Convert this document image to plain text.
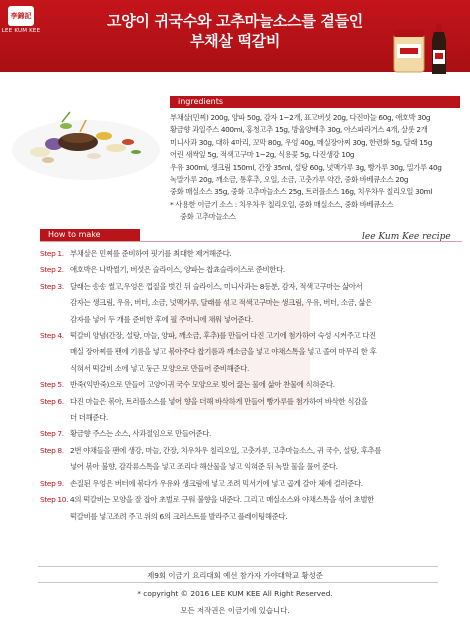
李錦記
LEE KUM KEE
고양이 귀국수와 고추마늘소스를 곁들인
부채살 떡갈비
ingredients
부채살(민찌) 200g, 양파 50g, 감자 1~2개, 표고버섯 20g, 다진마늘 60g, 애호박 30g
황금향 과일주스 400ml, 홍청고추 15g, 방울양배추 30g, 아스파라거스 4개, 살롯 2개
미니사과 30g, 대하 4마리, 꼬막 80g, 우엉 40g, 메실장아찌 30g, 한련화 5g, 달래 15g
어린 새싹잎 5g, 적색고구마 1~2g, 식용꽃 5g, 다진생강 10g
우유 300ml, 생크림 150ml, 간장 35ml, 설탕 60g, 넛맥가루 3g, 빵가루 30g, 밀가루 40g
녹말가루 20g, 깨소금, 통후추, 오일, 소금, 고춧가루 약간, 중화 바베큐소스 20g
중화 매실소스 35g, 중화 고추마늘소스 25g, 트러플소스 16g, 치우차우 칠리오일 30ml
* 사용한 이금기 소스 : 치우차우 칠리오일, 중화 매실소스, 중화 바베큐소스
중화 고추마늘소스
How to make	lee Kum Kee recipe
Step 1. 부채살은 민찌를 준비하여 핏기를 최대한 제거해준다.
Step 2. 애호박은 나박썰기, 버섯은 슬라이스, 양파는 찹쵸슬라이스로 준비한다.
Step 3. 달래는 송송 썰고,우엉은 껍질을 벗긴 뒤 슬라이스, 미니사과는 8등분, 감자, 적색고구마는 삶아서
감자는 생크림, 우유, 버터, 소금, 넛맥가루, 달래를 섞고 적색고구마는 생크림, 우유, 버터, 소금, 삶은
감자를 넣어 두 개를 준비한 후에 필 주머니에 채워 넣어준다.
Step 4. 떡갈비 양념(간장, 설탕, 마늘, 양파, 깨소금, 후추)를 만들어 다진 고기에 첨가하여 숙성 시켜주고 다진
매실 장아찌를 팬에 기름을 넣고 볶아주다 찹기름과 깨소금을 넣고 야채스톡을 넣고 졸여 마무리 한 후
식혀서 떡갈비 소에 넣고 둥근 모양으로 만들어 준비해준다.
Step 5. 반죽(익반죽)으로 만들어 고양이귀 국수 모양으로 빚어 끓는 물에 삶아 찬물에 식혀준다.
Step 6. 다진 마늘은 볶아, 트러플소스를 넣어 향을 더해 바삭하게 만들어 빵가루를 첨가하여 바삭한 식감을
더 더해준다.
Step 7. 황금향 주스는 소스, 사과절임으로 만들어준다.
Step 8. 2번 야채들을 팬에 생강, 마늘, 간장, 치우차우 칠리오일, 고춧가루, 고추마늘소스, 귀 국수, 설탕, 후추를
넣어 볶아 불향, 감각류스톡을 넣고 조리다 해산물을 넣고 익혀준 뒤 녹말 물을 풀어 준다.
Step 9. 손질된 우엉은 버터에 볶다가 우유와 생크림에 넣고 조려 믹서기에 넣고 곱게 갈아 체에 걸러준다.
Step 10. 4의 떡갈비는 모양을 잘 잡아 초벌로 구워 불향을 내준다. 그리고 매실소스와 야채스톡을 섞어 초벌한
떡갈비를 넣고조려 주고 위의 6의 크러스트를 발라주고 플레이팅해준다.
제9회 이금기 요리대회 예선 참가자 가야대학교 황성준
* copyright © 2016 LEE KUM KEE All Right Reserved.
모든 저작권은 이금기에 있습니다.
